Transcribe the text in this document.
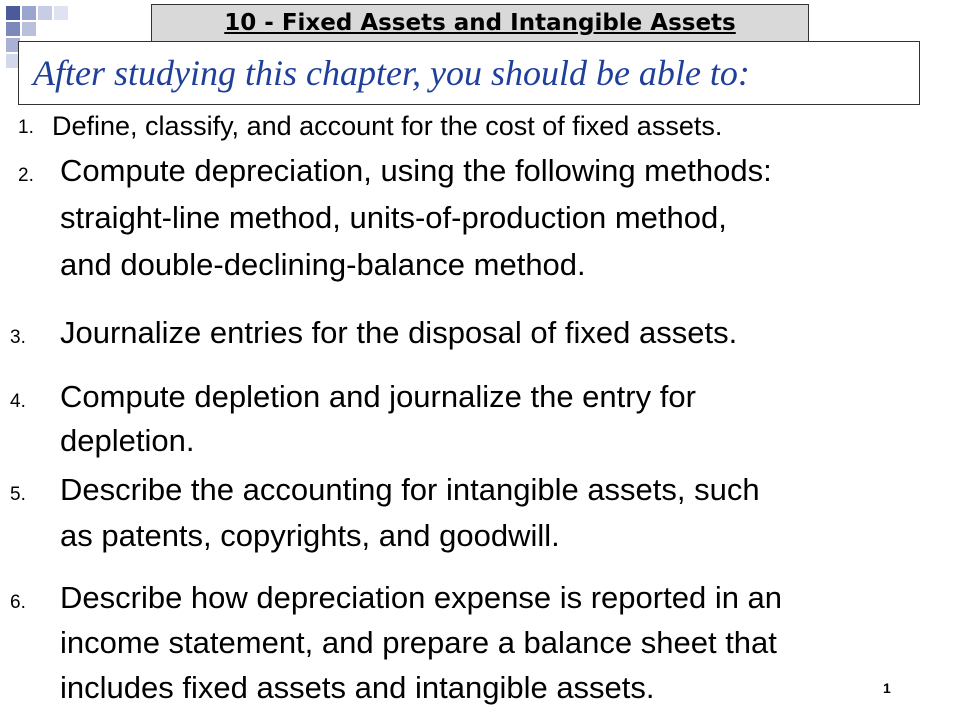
10 - Fixed Assets and Intangible Assets
After studying this chapter, you should be able to:
1. Define, classify, and account for the cost of fixed assets.
2. Compute depreciation, using the following methods:
straight-line method, units-of-production method,
and double-declining-balance method.
3. Journalize entries for the disposal of fixed assets.
4. Compute depletion and journalize the entry for
depletion.
5. Describe the accounting for intangible assets, such
as patents, copyrights, and goodwill.
6. Describe how depreciation expense is reported in an
income statement, and prepare a balance sheet that
includes fixed assets and intangible assets.	1
